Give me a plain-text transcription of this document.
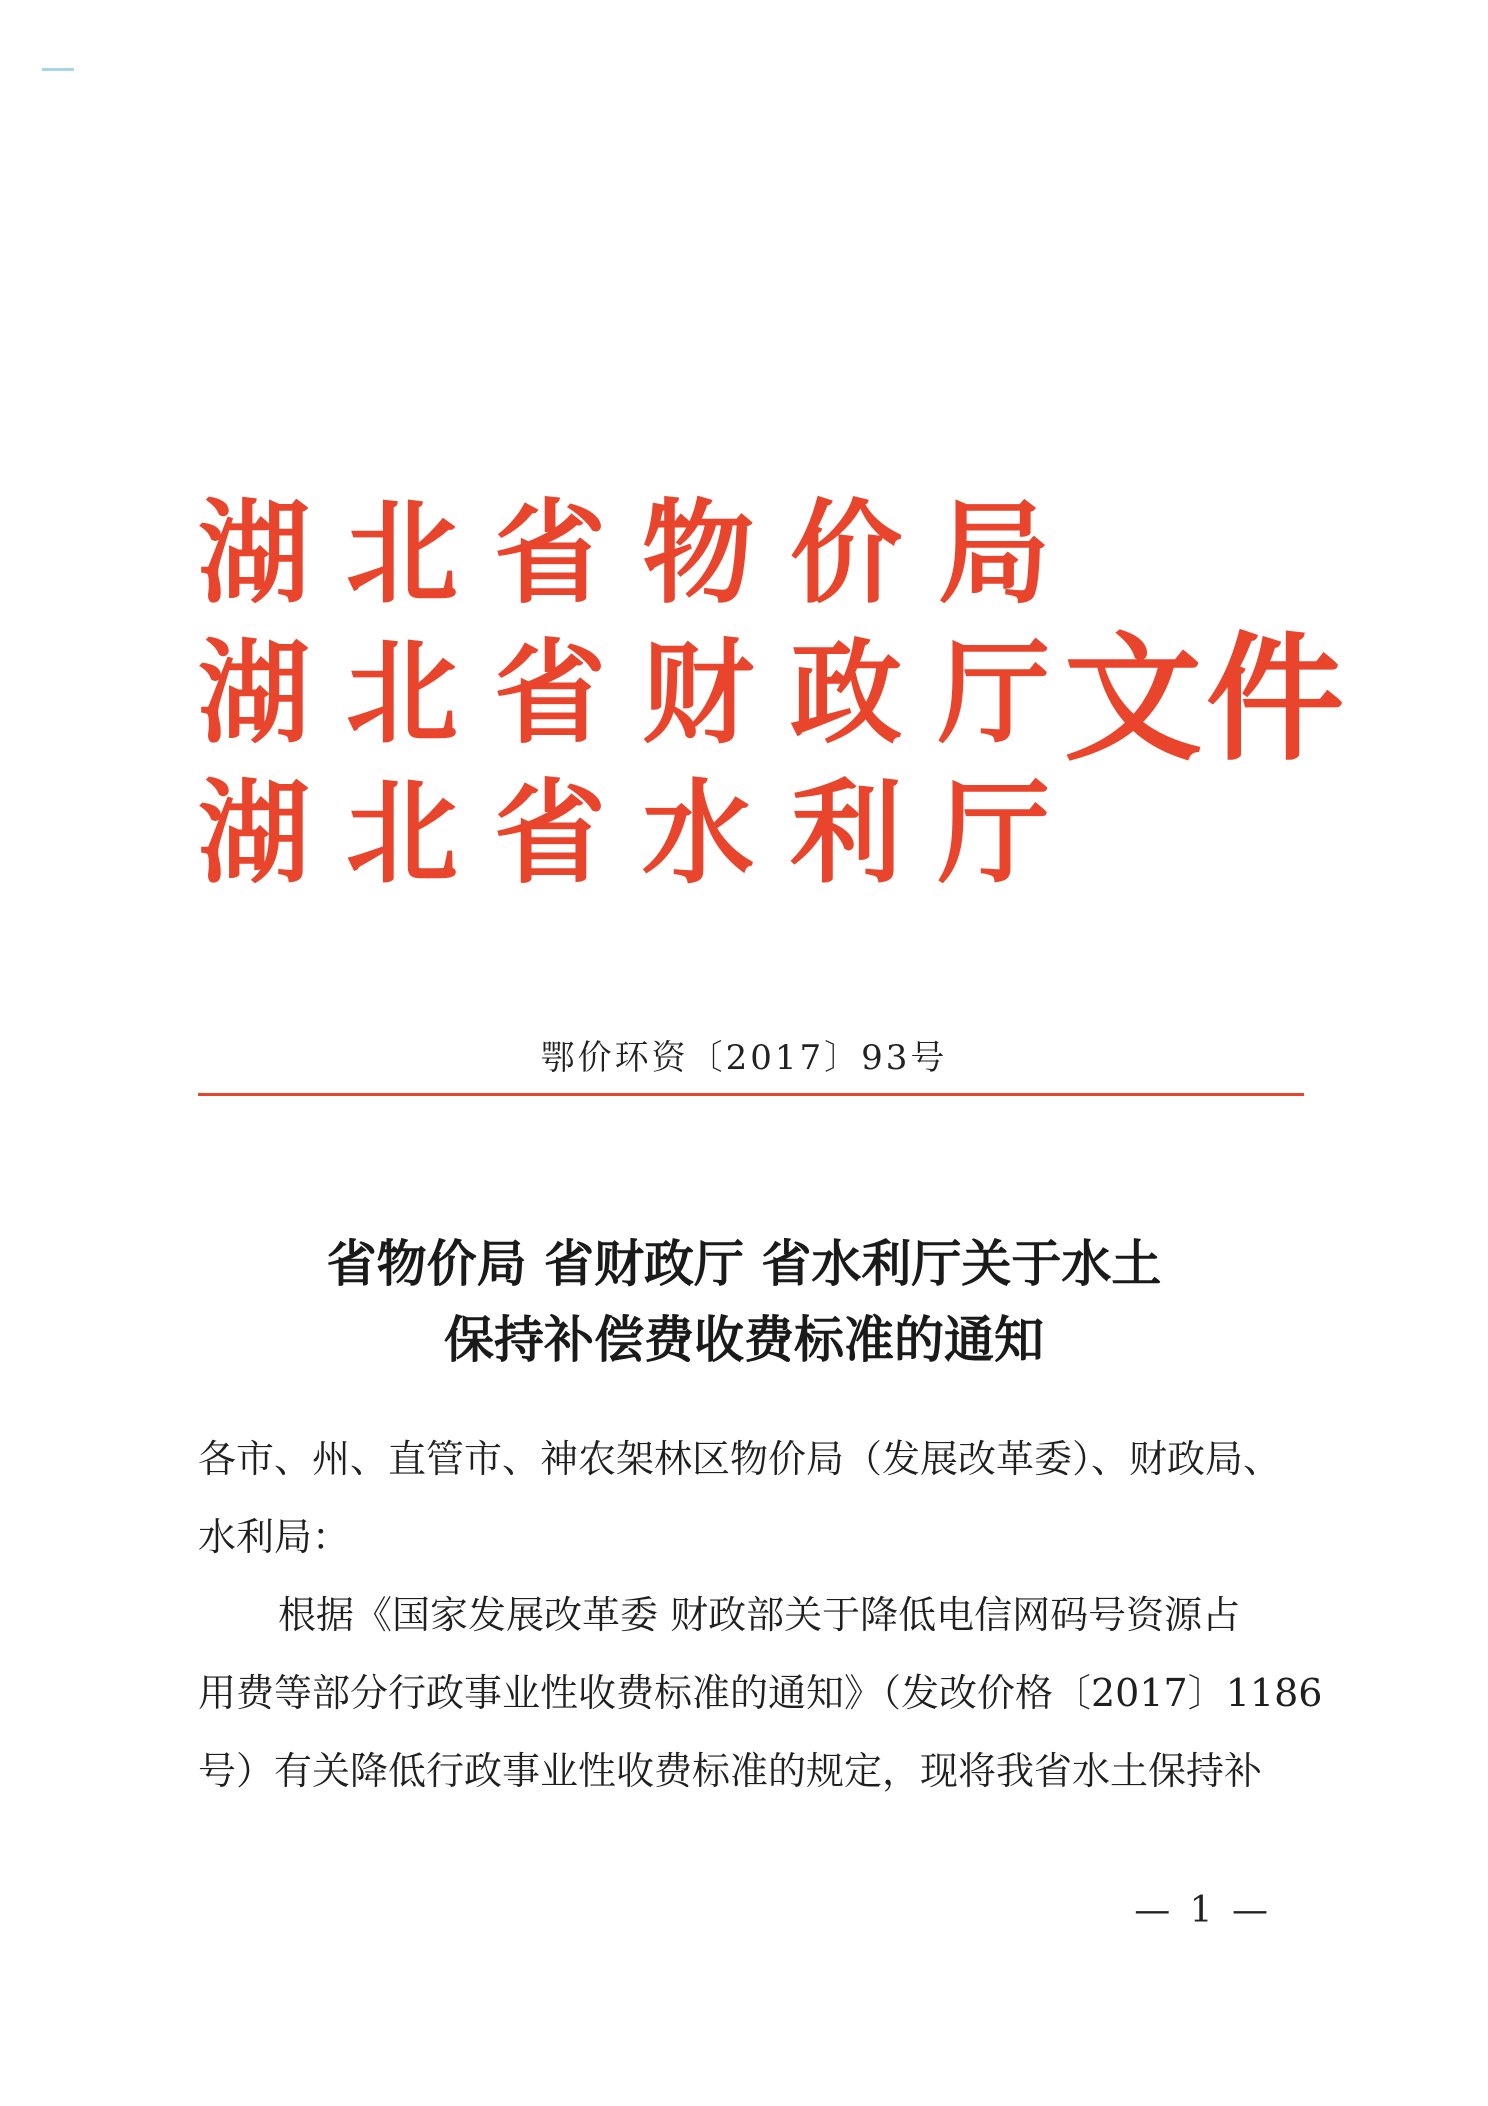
湖北省物价局
湖北省财政厅
湖北省水利厅
文件
鄂价环资〔2017〕93号
省物价局 省财政厅 省水利厅关于水土
保持补偿费收费标准的通知
各市、州、直管市、神农架林区物价局（发展改革委）、财政局、
水利局：
根据《国家发展改革委 财政部关于降低电信网码号资源占
用费等部分行政事业性收费标准的通知》（发改价格〔2017〕1186
号）有关降低行政事业性收费标准的规定，现将我省水土保持补
— 1 —
